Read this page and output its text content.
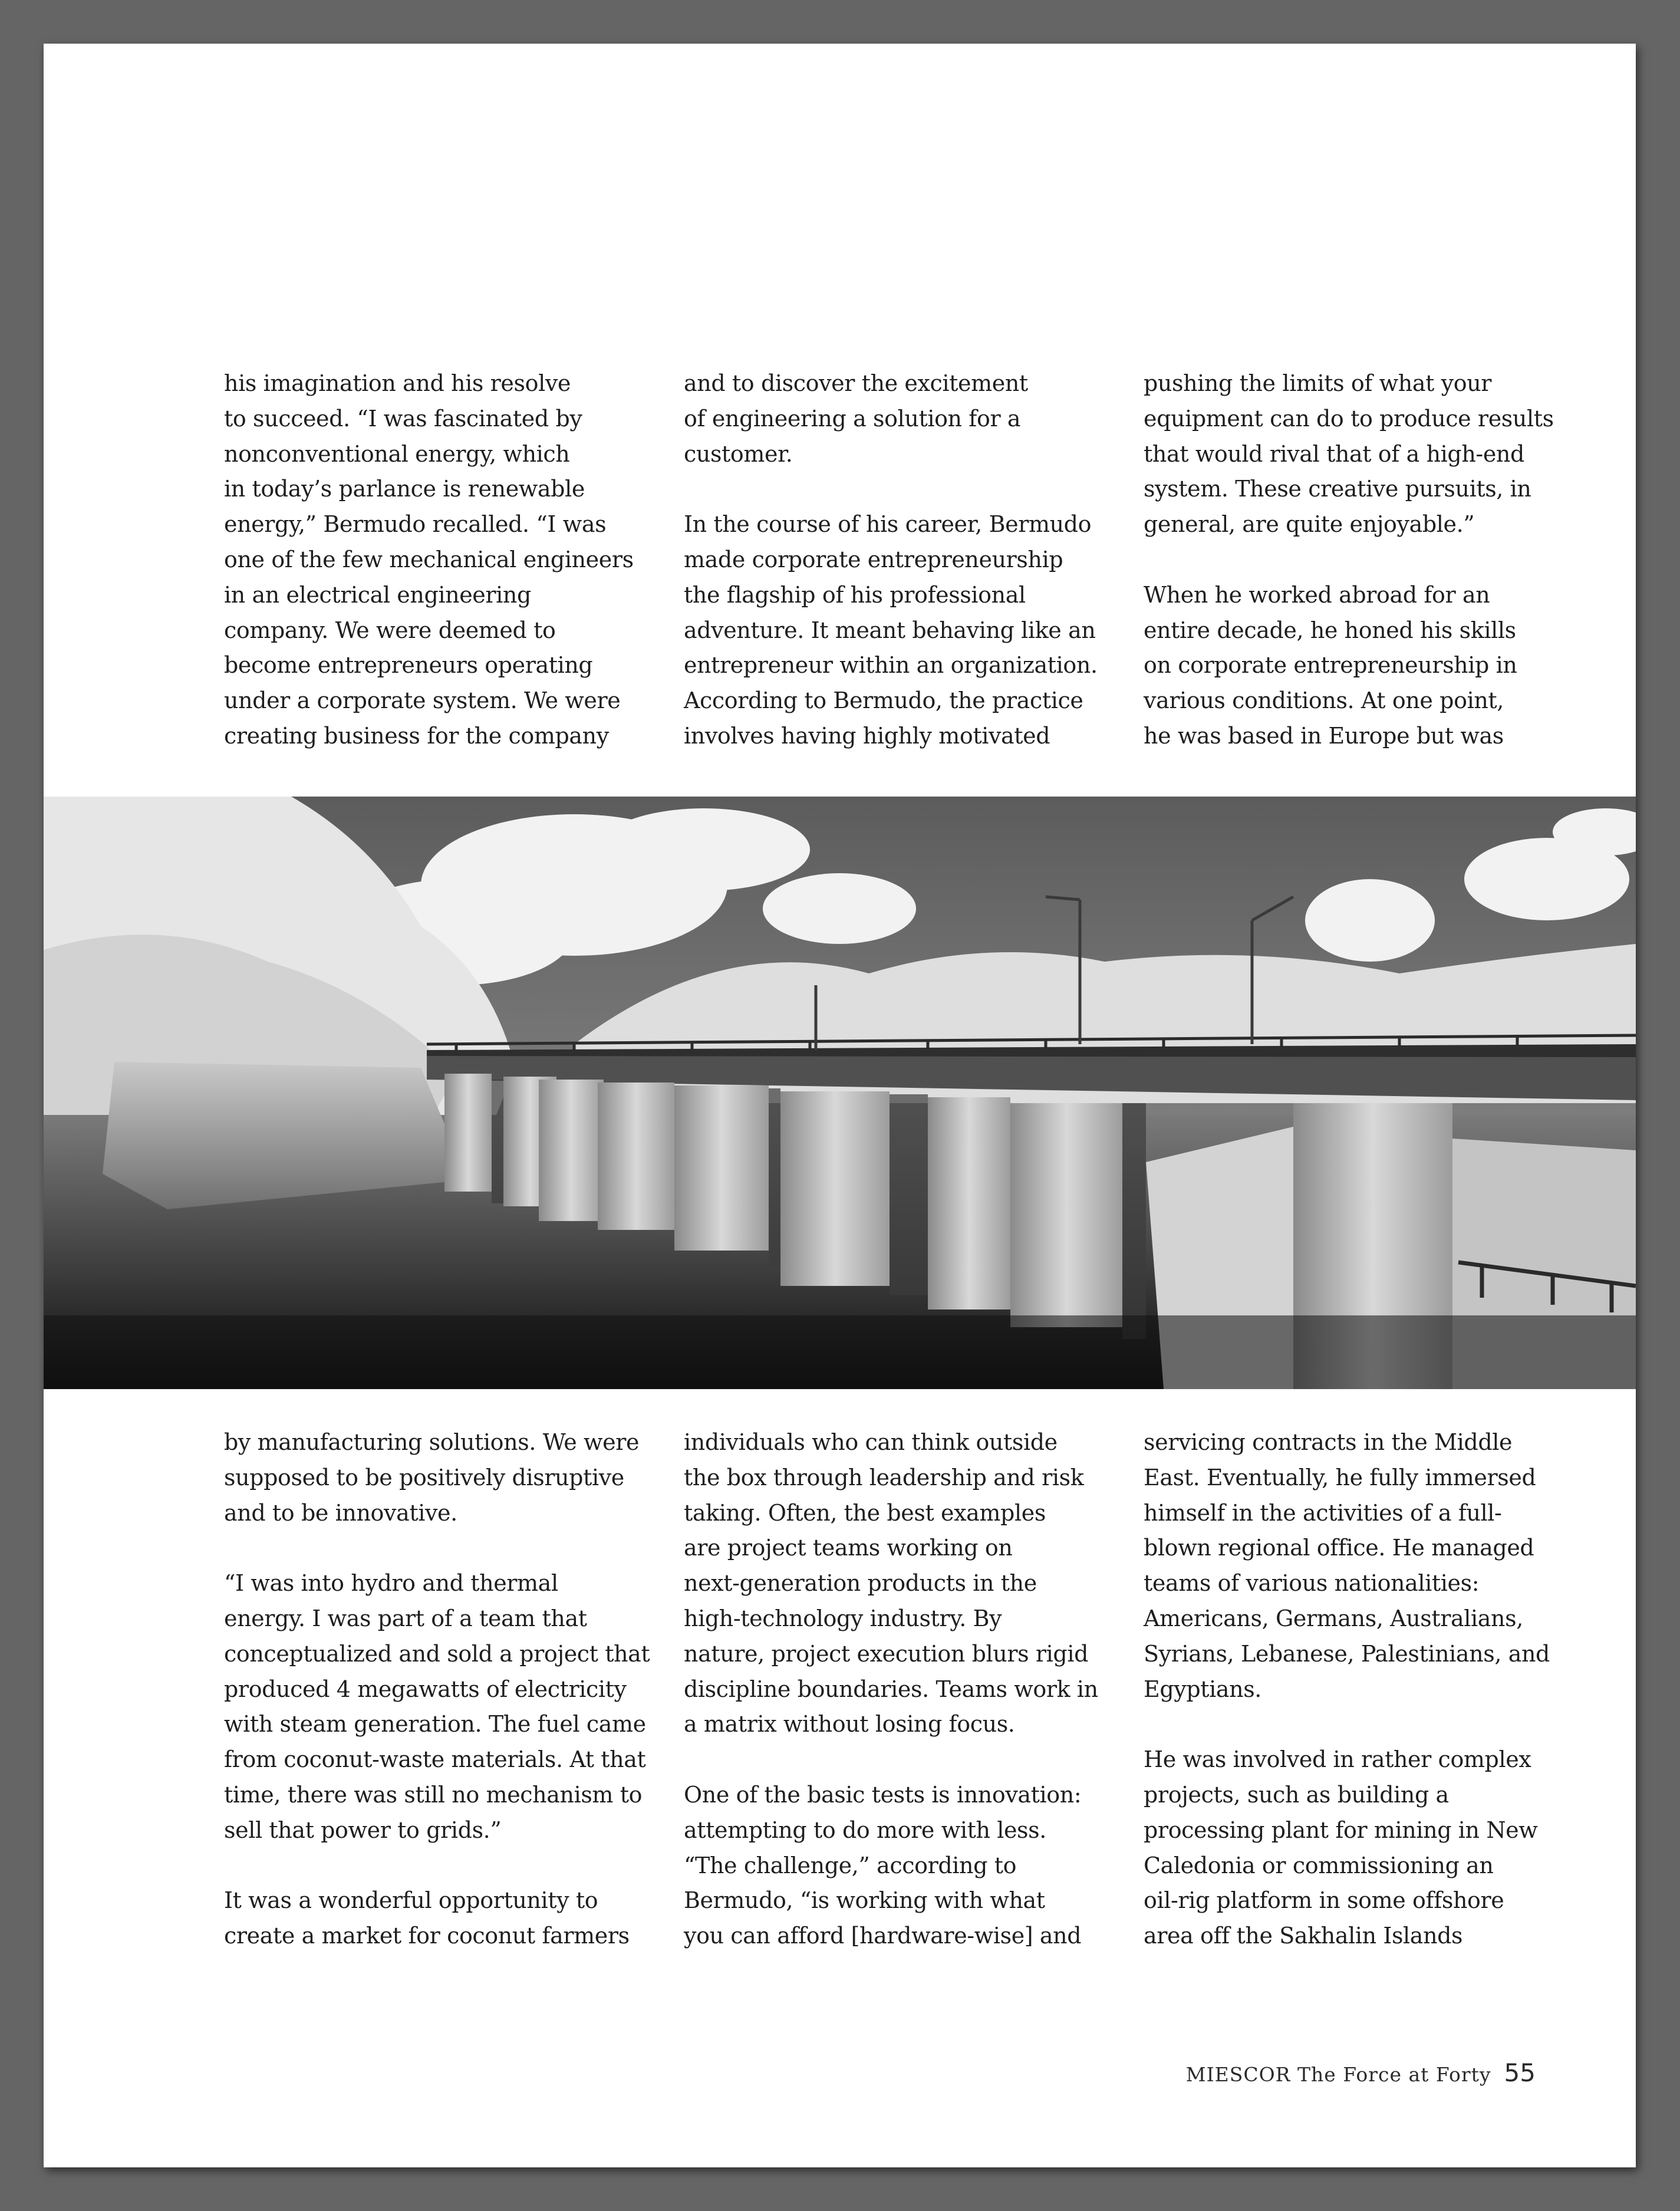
his imagination and his resolve
to succeed. “I was fascinated by
nonconventional energy, which
in today’s parlance is renewable
energy,” Bermudo recalled. “I was
one of the few mechanical engineers
in an electrical engineering
company. We were deemed to
become entrepreneurs operating
under a corporate system. We were
creating business for the company
and to discover the excitement
of engineering a solution for a
customer.
In the course of his career, Bermudo
made corporate entrepreneurship
the flagship of his professional
adventure. It meant behaving like an
entrepreneur within an organization.
According to Bermudo, the practice
involves having highly motivated
pushing the limits of what your
equipment can do to produce results
that would rival that of a high-end
system. These creative pursuits, in
general, are quite enjoyable.”
When he worked abroad for an
entire decade, he honed his skills
on corporate entrepreneurship in
various conditions. At one point,
he was based in Europe but was
by manufacturing solutions. We were
supposed to be positively disruptive
and to be innovative.
“I was into hydro and thermal
energy. I was part of a team that
conceptualized and sold a project that
produced 4 megawatts of electricity
with steam generation. The fuel came
from coconut-waste materials. At that
time, there was still no mechanism to
sell that power to grids.”
It was a wonderful opportunity to
create a market for coconut farmers
individuals who can think outside
the box through leadership and risk
taking. Often, the best examples
are project teams working on
next-generation products in the
high-technology industry. By
nature, project execution blurs rigid
discipline boundaries. Teams work in
a matrix without losing focus.
One of the basic tests is innovation:
attempting to do more with less.
“The challenge,” according to
Bermudo, “is working with what
you can afford [hardware-wise] and
servicing contracts in the Middle
East. Eventually, he fully immersed
himself in the activities of a full-
blown regional office. He managed
teams of various nationalities:
Americans, Germans, Australians,
Syrians, Lebanese, Palestinians, and
Egyptians.
He was involved in rather complex
projects, such as building a
processing plant for mining in New
Caledonia or commissioning an
oil-rig platform in some offshore
area off the Sakhalin Islands
MIESCOR The Force at Forty 55
